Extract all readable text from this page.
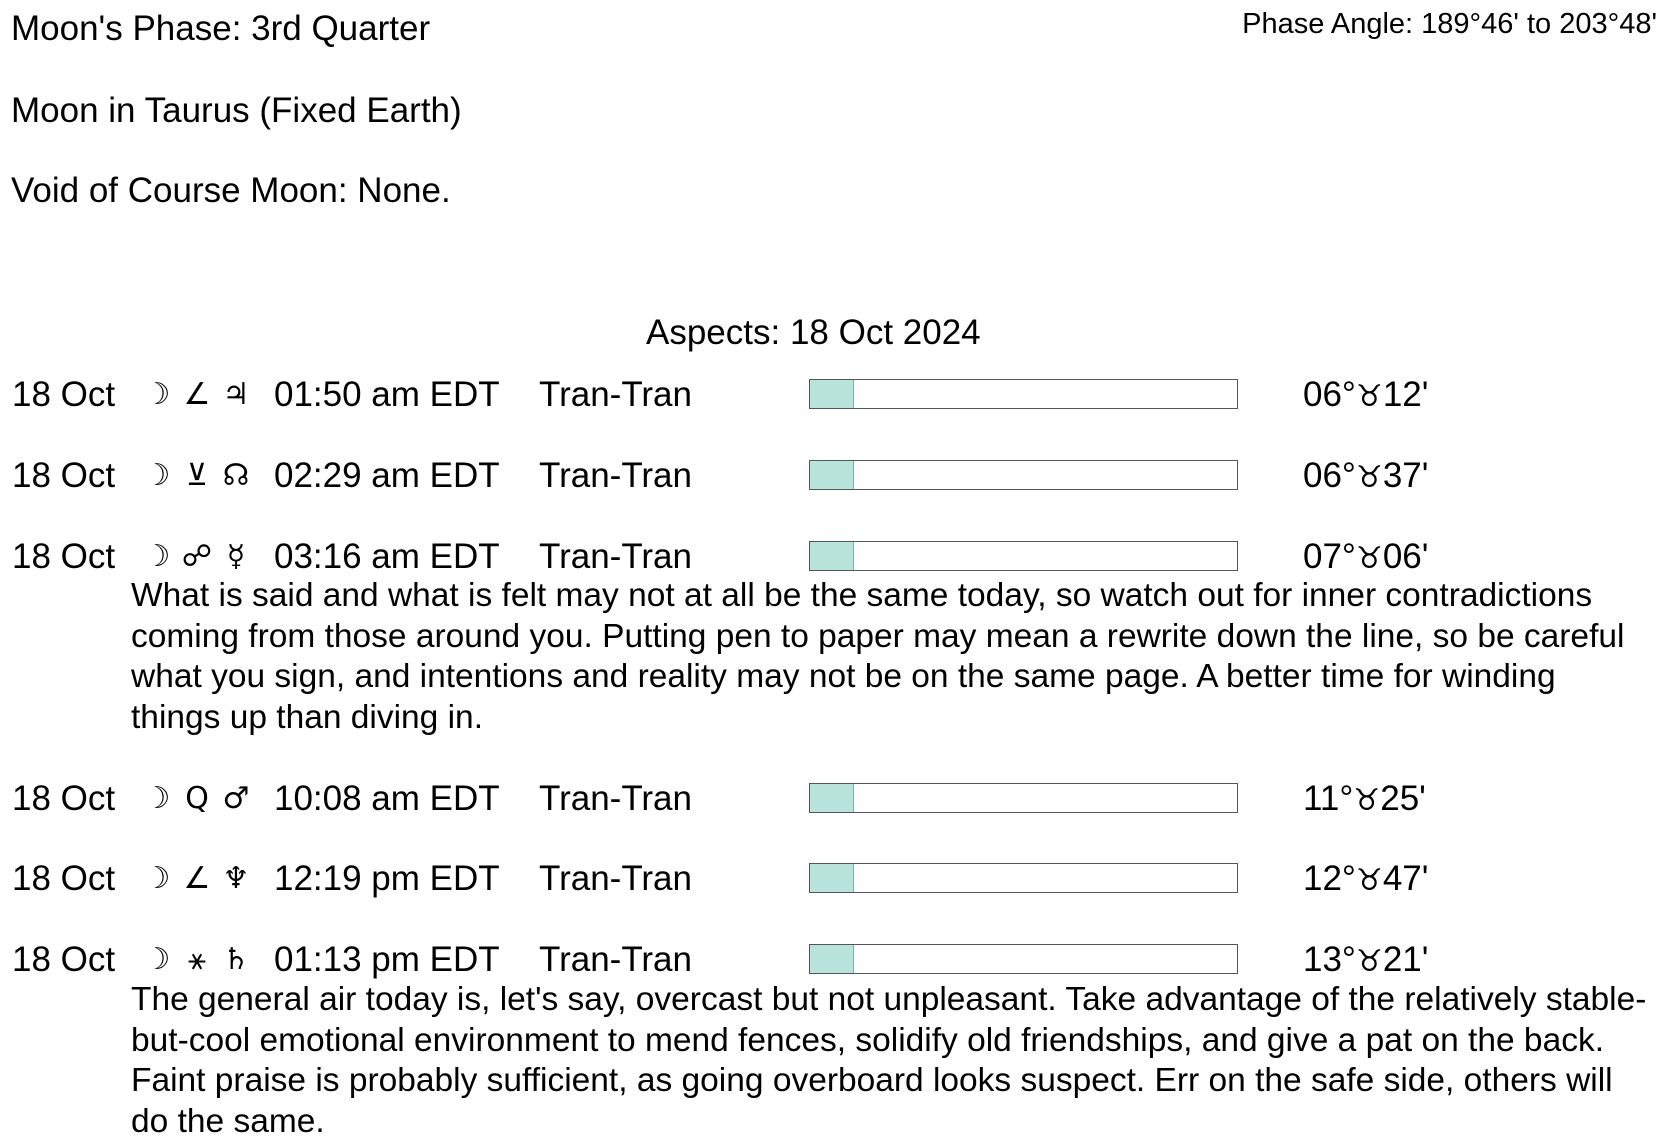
Moon's Phase: 3rd Quarter	Phase Angle: 189°46' to 203°48'
Moon in Taurus (Fixed Earth)
Void of Course Moon: None.
Aspects: 18 Oct 2024
18 Oct ☽ ∠ ♃ 01:50 am EDT Tran-Tran	06°♉12'
18 Oct ☽ ⊻ ☊ 02:29 am EDT Tran-Tran	06°♉37'
18 Oct ☽ ☍ ☿ 03:16 am EDT Tran-Tran	07°♉06'
What is said and what is felt may not at all be the same today, so watch out for inner contradictions coming from those around you. Putting pen to paper may mean a rewrite down the line, so be careful what you sign, and intentions and reality may not be on the same page. A better time for winding things up than diving in.
18 Oct ☽ Q ♂ 10:08 am EDT Tran-Tran	11°♉25'
18 Oct ☽ ∠ ♆ 12:19 pm EDT Tran-Tran	12°♉47'
18 Oct ☽ ⚹ ♄ 01:13 pm EDT Tran-Tran	13°♉21'
The general air today is, let's say, overcast but not unpleasant. Take advantage of the relatively stable-but-cool emotional environment to mend fences, solidify old friendships, and give a pat on the back. Faint praise is probably sufficient, as going overboard looks suspect. Err on the safe side, others will do the same.
